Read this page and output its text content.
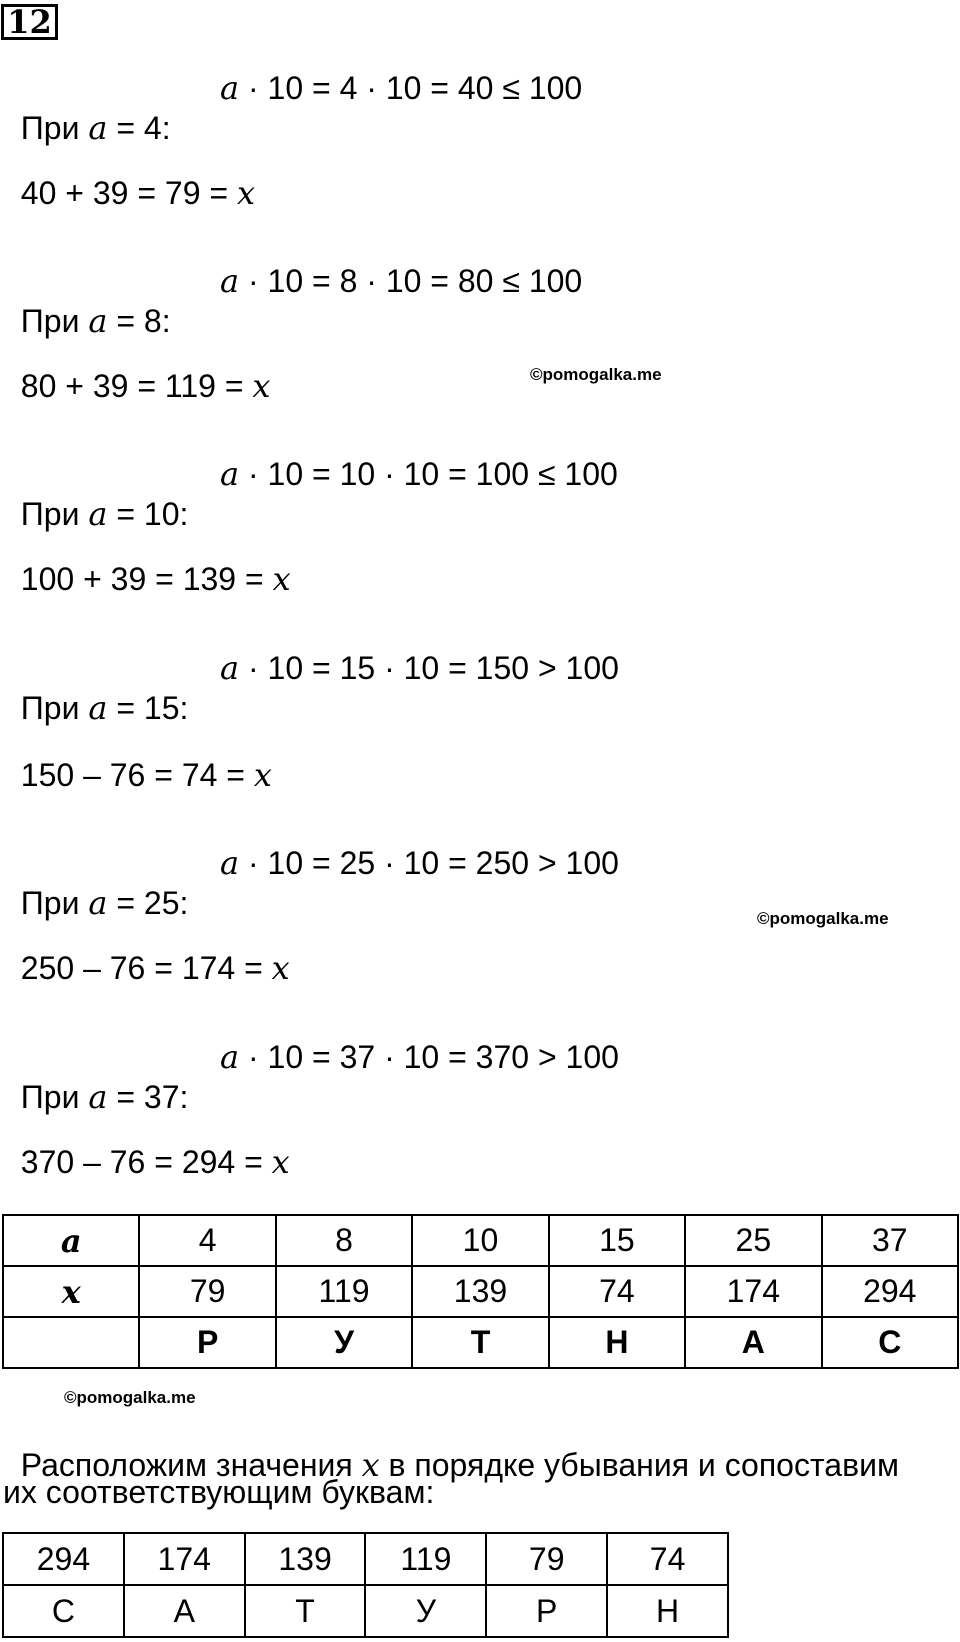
12

При a = 4:

a · 10 = 4 · 10 = 40 ≤ 100

40 + 39 = 79 = x

При a = 8:

a · 10 = 8 · 10 = 80 ≤ 100

80 + 39 = 119 = x

При a = 10:

a · 10 = 10 · 10 = 100 ≤ 100

100 + 39 = 139 = x

При a = 15:

a · 10 = 15 · 10 = 150 > 100

150 – 76 = 74 = x

При a = 25:

a · 10 = 25 · 10 = 250 > 100

250 – 76 = 174 = x

При a = 37:

a · 10 = 37 · 10 = 370 > 100

370 – 76 = 294 = x

©pomogalka.me
©pomogalka.me
©pomogalka.me
a	4	8	10	15	25	37
x	79	119	139	74	174	294
	Р	У	Т	Н	А	С

Расположим значения x в порядке убывания и сопоставим

их соответствующим буквам:
294	174	139	119	79	74
С	А	Т	У	Р	Н
